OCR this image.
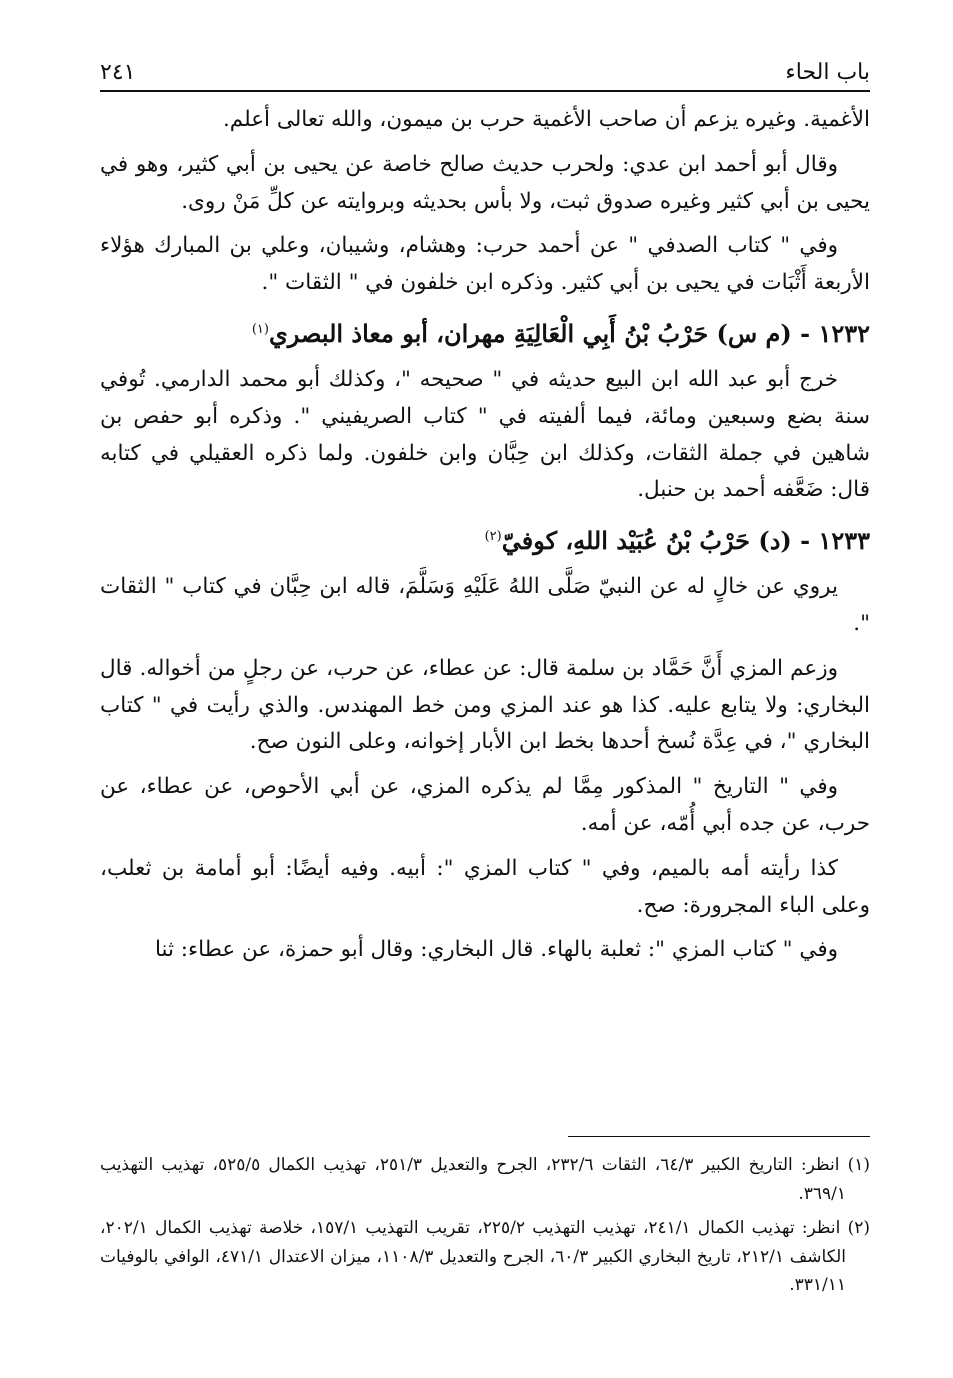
باب الحاء
٢٤١

الأغمية. وغيره يزعم أن صاحب الأغمية حرب بن ميمون، والله تعالى أعلم.

وقال أبو أحمد ابن عدي: ولحرب حديث صالح خاصة عن يحيى بن أبي كثير، وهو في يحيى بن أبي كثير وغيره صدوق ثبت، ولا بأس بحديثه وبروايته عن كلِّ مَنْ روى.

وفي " كتاب الصدفي " عن أحمد حرب: وهشام، وشيبان، وعلي بن المبارك هؤلاء الأربعة أَثْبَات في يحيى بن أبي كثير. وذكره ابن خلفون في " الثقات ".

١٢٣٢ - (م س) حَرْبُ بْنُ أَبِي الْعَالِيَةِ مهران، أبو معاذ البصري$^{(١)}$

خرج أبو عبد الله ابن البيع حديثه في " صحيحه "، وكذلك أبو محمد الدارمي. تُوفي سنة بضع وسبعين ومائة، فيما ألفيته في " كتاب الصريفيني ". وذكره أبو حفص بن شاهين في جملة الثقات، وكذلك ابن حِبَّان وابن خلفون. ولما ذكره العقيلي في كتابه قال: ضَعَّفه أحمد بن حنبل.

١٢٣٣ - (د) حَرْبُ بْنُ عُبَيْد اللهِ، كوفيّ$^{(٢)}$

يروي عن خالٍ له عن النبيّ صَلَّى اللهُ عَلَيْهِ وَسَلَّمَ، قاله ابن حِبَّان في كتاب " الثقات ".

وزعم المزي أَنَّ حَمَّاد بن سلمة قال: عن عطاء، عن حرب، عن رجلٍ من أخواله. قال البخاري: ولا يتابع عليه. كذا هو عند المزي ومن خط المهندس. والذي رأيت في " كتاب البخاري "، في عِدَّة نُسخ أحدها بخط ابن الأبار إخوانه، وعلى النون صح.

وفي " التاريخ " المذكور مِمَّا لم يذكره المزي، عن أبي الأحوص، عن عطاء، عن حرب، عن جده أبي أُمّه، عن أمه.

كذا رأيته أمه بالميم، وفي " كتاب المزي ": أبيه. وفيه أيضًا: أبو أمامة بن ثعلب، وعلى الباء المجرورة: صح.

وفي " كتاب المزي ": ثعلبة بالهاء. قال البخاري: وقال أبو حمزة، عن عطاء: ثنا

(١) انظر: التاريخ الكبير ٦٤/٣، الثقات ٢٣٢/٦، الجرح والتعديل ٢٥١/٣، تهذيب الكمال ٥٢٥/٥، تهذيب التهذيب ٣٦٩/١.

(٢) انظر: تهذيب الكمال ٢٤١/١، تهذيب التهذيب ٢٢٥/٢، تقريب التهذيب ١٥٧/١، خلاصة تهذيب الكمال ٢٠٢/١، الكاشف ٢١٢/١، تاريخ البخاري الكبير ٦٠/٣، الجرح والتعديل ١١٠٨/٣، ميزان الاعتدال ٤٧١/١، الوافي بالوفيات ٣٣١/١١.
